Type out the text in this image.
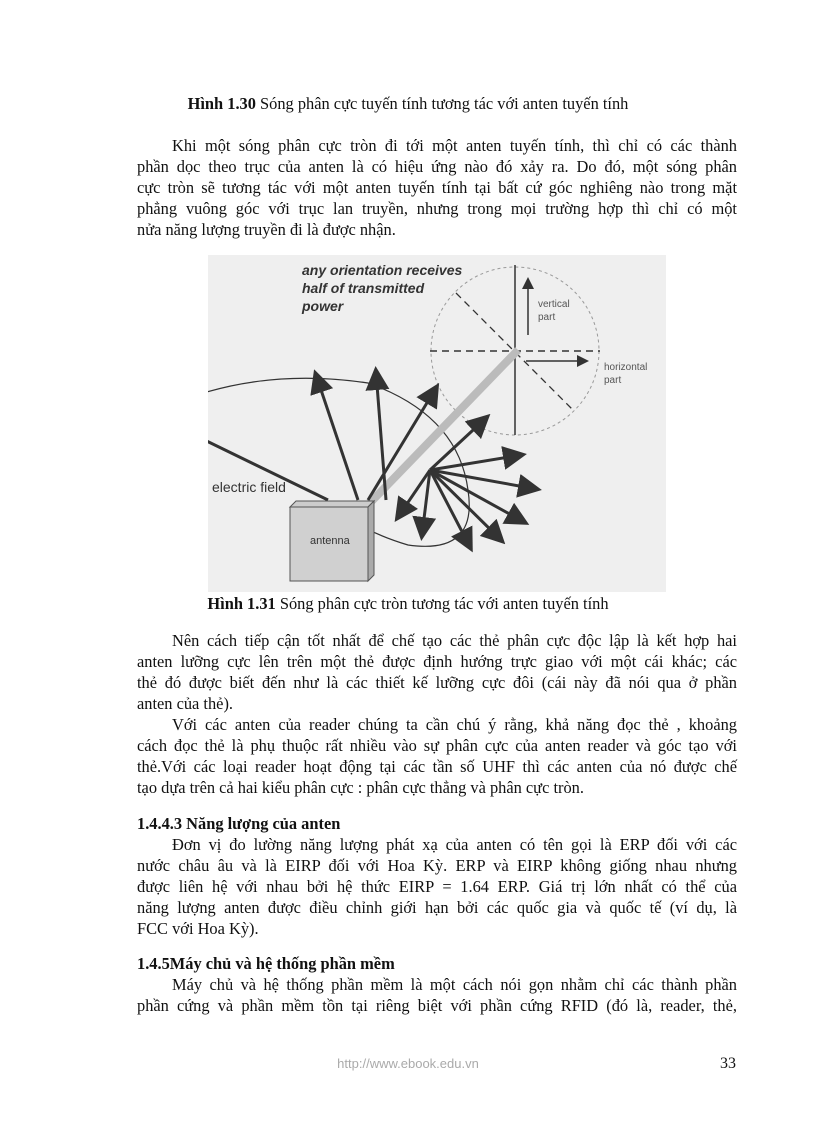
Hình 1.30 Sóng phân cực tuyến tính tương tác với anten tuyến tính
Khi một sóng phân cực tròn đi tới một anten tuyến tính, thì chỉ có các thành
phần dọc theo trục của anten là có hiệu ứng nào đó xảy ra. Do đó, một sóng phân
cực tròn sẽ tương tác với một anten tuyến tính tại bất cứ góc nghiêng nào trong mặt
phẳng vuông góc với trục lan truyền, nhưng trong mọi trường hợp thì chỉ có một
nửa năng lượng truyền đi là được nhận.
antenna
electric field
any orientation receives
half of transmitted
power	vertical
part
horizontal
part
Hình 1.31 Sóng phân cực tròn tương tác với anten tuyến tính
Nên cách tiếp cận tốt nhất để chế tạo các thẻ phân cực độc lập là kết hợp hai
anten lưỡng cực lên trên một thẻ được định hướng trực giao với một cái khác; các
thẻ đó được biết đến như là các thiết kế lưỡng cực đôi (cái này đã nói qua ở phần
anten của thẻ).
Với các anten của reader chúng ta cần chú ý rằng, khả năng đọc thẻ , khoảng
cách đọc thẻ là phụ thuộc rất nhiều vào sự phân cực của anten reader và góc tạo với
thẻ.Với các loại reader hoạt động tại các tần số UHF thì các anten của nó được chế
tạo dựa trên cả hai kiểu phân cực : phân cực thẳng và phân cực tròn.
1.4.4.3 Năng lượng của anten
Đơn vị đo lường năng lượng phát xạ của anten có tên gọi là ERP đối với các
nước châu âu và là EIRP đối với Hoa Kỳ. ERP và EIRP không giống nhau nhưng
được liên hệ với nhau bởi hệ thức EIRP = 1.64 ERP. Giá trị lớn nhất có thể của
năng lượng anten được điều chỉnh giới hạn bởi các quốc gia và quốc tế (ví dụ, là
FCC với Hoa Kỳ).
1.4.5Máy chủ và hệ thống phần mềm
Máy chủ và hệ thống phần mềm là một cách nói gọn nhằm chỉ các thành phần
phần cứng và phần mềm tồn tại riêng biệt với phần cứng RFID (đó là, reader, thẻ,
http://www.ebook.edu.vn	33
